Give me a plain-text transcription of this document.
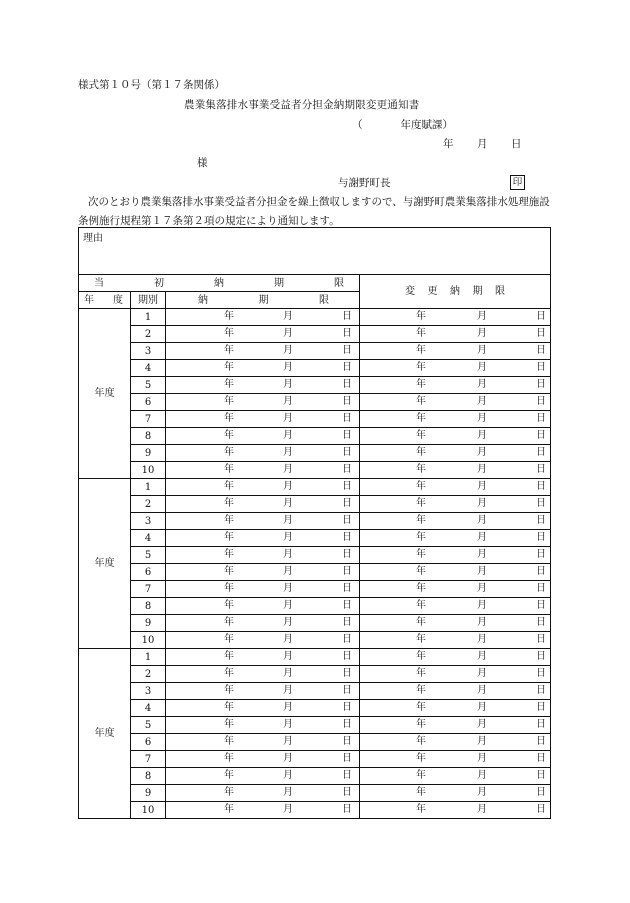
様式第１０号（第１７条関係）
農業集落排水事業受益者分担金納期限変更通知書
（	年度賦課）
年 月 日
様
与謝野町長	印
次のとおり農業集落排水事業受益者分担金を繰上徴収しますので、与謝野町農業集落排水処理施設条例施行規程第１７条第２項の規定により通知します。
理由			

当 初 納 期 限			変 更 納 期 限

年 度	期別	納 期 限	

年度	1	年 月 日	年 月 日

	2	年 月 日	年 月 日

	3	年 月 日	年 月 日

	4	年 月 日	年 月 日

	5	年 月 日	年 月 日

	6	年 月 日	年 月 日

	7	年 月 日	年 月 日

	8	年 月 日	年 月 日

	9	年 月 日	年 月 日

	10	年 月 日	年 月 日

年度	1	年 月 日	年 月 日

	2	年 月 日	年 月 日

	3	年 月 日	年 月 日

	4	年 月 日	年 月 日

	5	年 月 日	年 月 日

	6	年 月 日	年 月 日

	7	年 月 日	年 月 日

	8	年 月 日	年 月 日

	9	年 月 日	年 月 日

	10	年 月 日	年 月 日

年度	1	年 月 日	年 月 日

	2	年 月 日	年 月 日

	3	年 月 日	年 月 日

	4	年 月 日	年 月 日

	5	年 月 日	年 月 日

	6	年 月 日	年 月 日

	7	年 月 日	年 月 日

	8	年 月 日	年 月 日

	9	年 月 日	年 月 日

	10	年 月 日	年 月 日
